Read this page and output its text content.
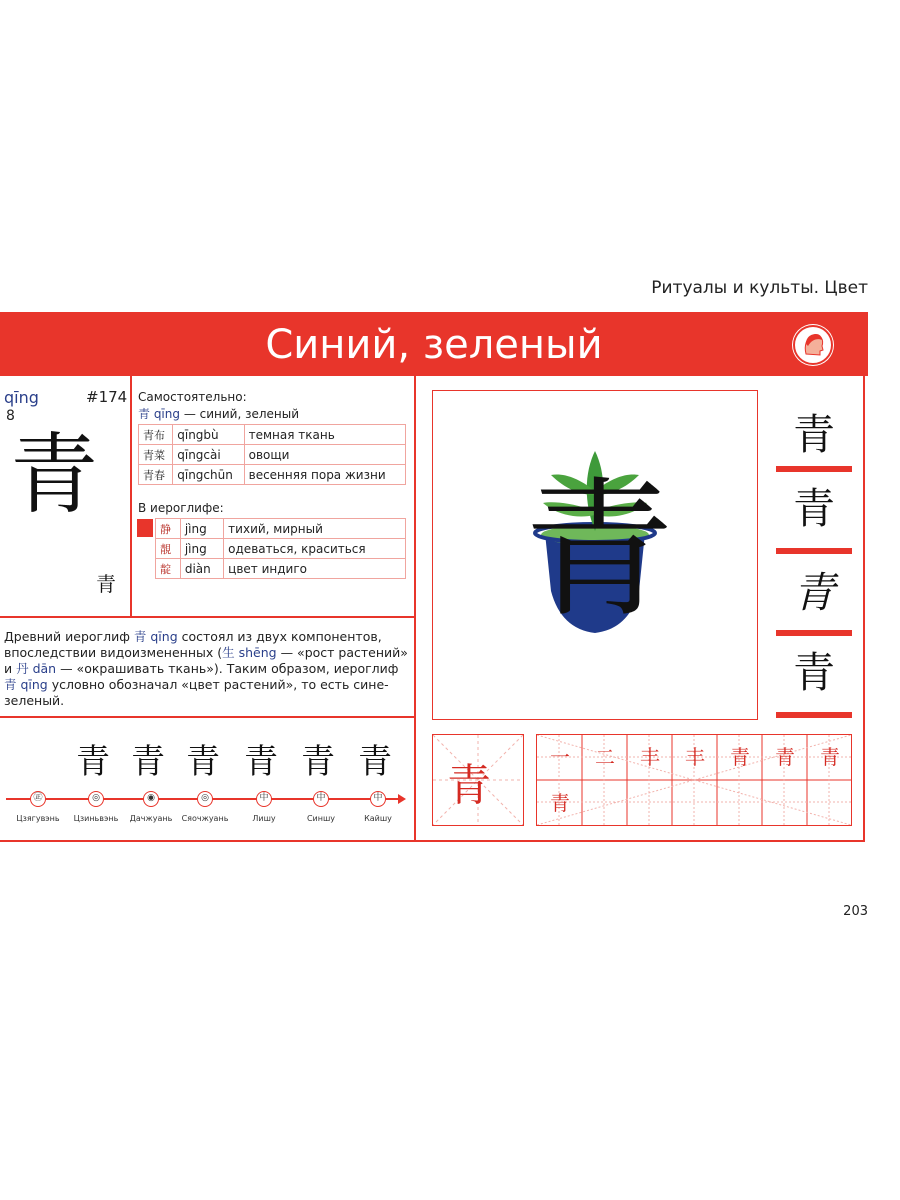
Ритуалы и культы. Цвет
Синий, зеленый
qīng
8
#174
青
青
Самостоятельно:
青 qīng — синий, зеленый
青布	qīngbù	темная ткань
青菜	qīngcài	овощи
青春	qīngchūn	весенняя пора жизни
В иероглифе:
静	jìng	тихий, мирный
靚	jìng	одеваться, краситься
靛	diàn	цвет индиго
Древний иероглиф 青 qīng состоял из двух компонентов, впоследствии видоизмененных (生 shēng — «рост растений» и 丹 dān — «окрашивать ткань»). Таким образом, иероглиф 青 qīng условно обозначал «цвет растений», то есть сине-зеленый.
青
青
青
青
青
青 青 青 青 青 青
㊣	◎	◉	◎	中	中	中
Цзягувэнь	Цзиньвэнь	Дачжуань	Сяочжуань	Лишу	Синшу	Кайшу
青
一	二	丰	丰	青	青	青
青
203
